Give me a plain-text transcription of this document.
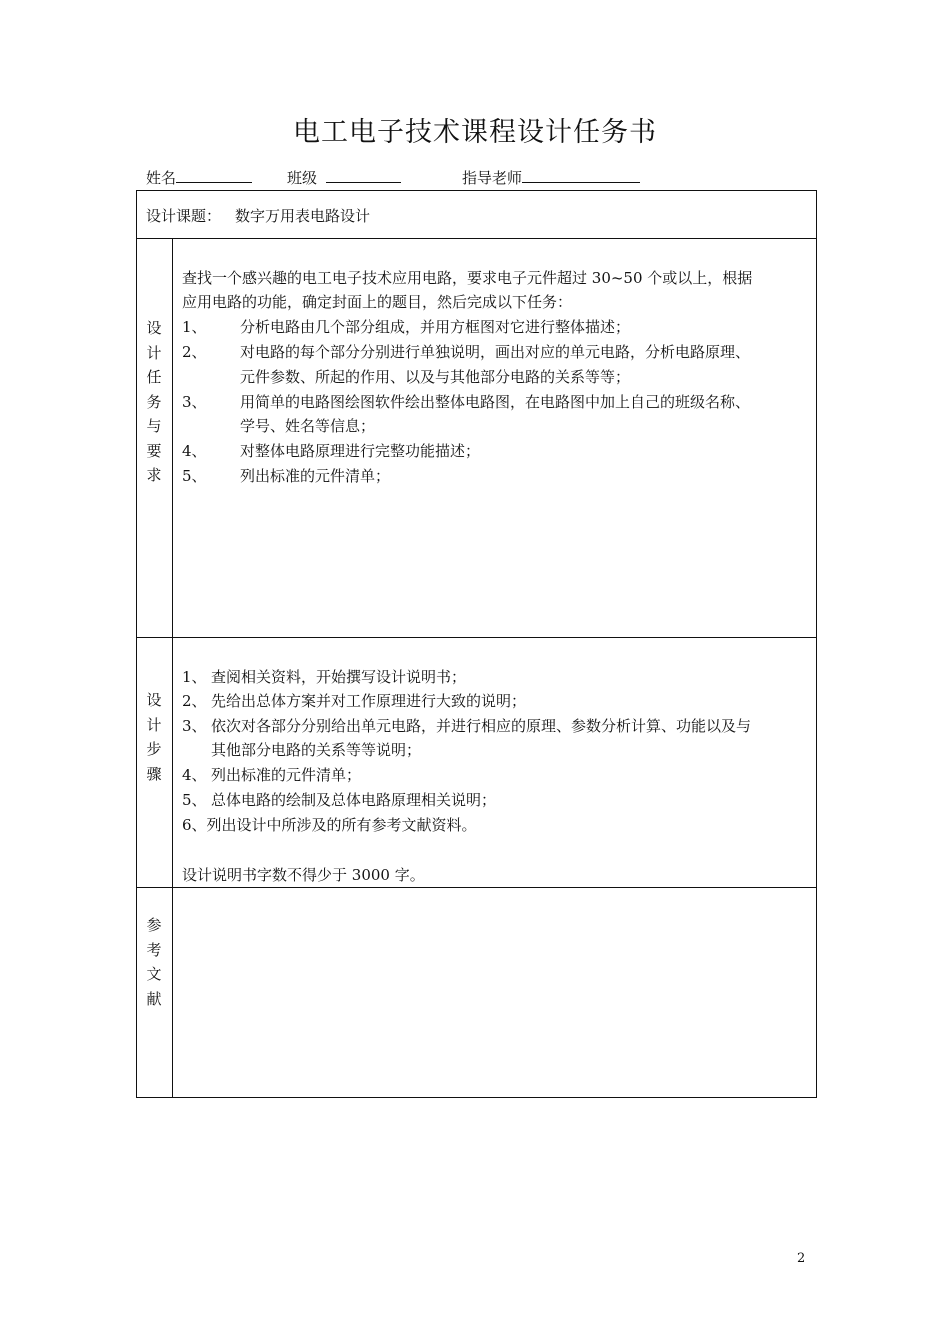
电工电子技术课程设计任务书
姓名	班级	指导老师
设计课题： 数字万用表电路设计
设
计
任
务
与
要
求
查找一个感兴趣的电工电子技术应用电路，要求电子元件超过 30~50 个或以上，根据
应用电路的功能，确定封面上的题目，然后完成以下任务：
1、 分析电路由几个部分组成，并用方框图对它进行整体描述；
2、 对电路的每个部分分别进行单独说明，画出对应的单元电路，分析电路原理、
元件参数、所起的作用、以及与其他部分电路的关系等等；
3、 用简单的电路图绘图软件绘出整体电路图，在电路图中加上自己的班级名称、
学号、姓名等信息；
4、 对整体电路原理进行完整功能描述；
5、 列出标准的元件清单；
设
计
步
骤
1、 查阅相关资料，开始撰写设计说明书；
2、 先给出总体方案并对工作原理进行大致的说明；
3、 依次对各部分分别给出单元电路，并进行相应的原理、参数分析计算、功能以及与
其他部分电路的关系等等说明；
4、 列出标准的元件清单；
5、 总体电路的绘制及总体电路原理相关说明；
6、列出设计中所涉及的所有参考文献资料。
设计说明书字数不得少于 3000 字。
参
考
文
献
2
